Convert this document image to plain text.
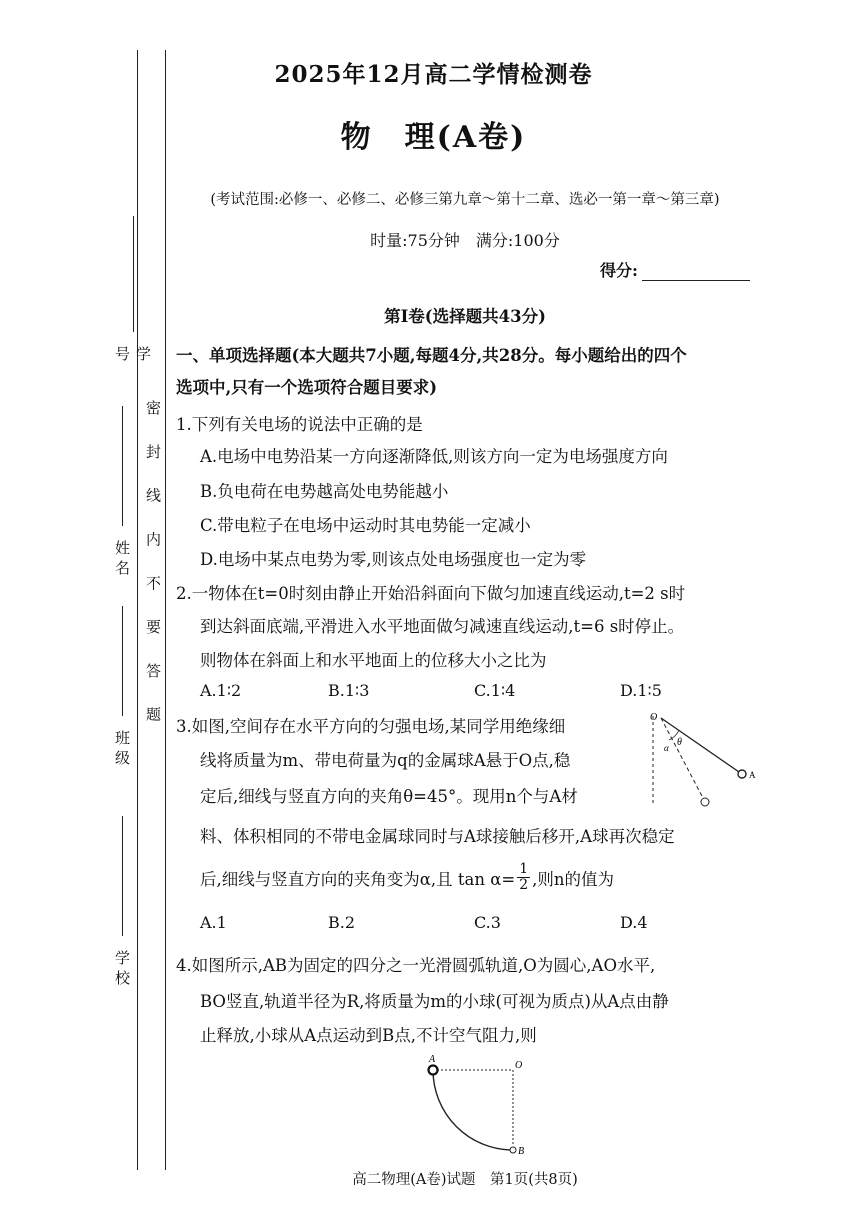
学 号
姓 名
班 级
学 校
密 封 线 内 不 要 答 题
2025年12月高二学情检测卷
物　理(A卷)
(考试范围:必修一、必修二、必修三第九章～第十二章、选必一第一章～第三章)
时量:75分钟　满分:100分
得分:
第Ⅰ卷(选择题共43分)
一、单项选择题(本大题共7小题,每题4分,共28分。每小题给出的四个
选项中,只有一个选项符合题目要求)
1.下列有关电场的说法中正确的是
A.电场中电势沿某一方向逐渐降低,则该方向一定为电场强度方向
B.负电荷在电势越高处电势能越小
C.带电粒子在电场中运动时其电势能一定减小
D.电场中某点电势为零,则该点处电场强度也一定为零
2.一物体在t=0时刻由静止开始沿斜面向下做匀加速直线运动,t=2 s时
到达斜面底端,平滑进入水平地面做匀减速直线运动,t=6 s时停止。
则物体在斜面上和水平地面上的位移大小之比为
A.1∶2	B.1∶3	C.1∶4	D.1∶5
3.如图,空间存在水平方向的匀强电场,某同学用绝缘细
线将质量为m、带电荷量为q的金属球A悬于O点,稳
定后,细线与竖直方向的夹角θ=45°。现用n个与A材
料、体积相同的不带电金属球同时与A球接触后移开,A球再次稳定
后,细线与竖直方向的夹角变为α,且 $\tan \alpha= \frac{1}{2}$ ,则n的值为
A.1	B.2	C.3	D.4
O
θ
α
A
4.如图所示,AB为固定的四分之一光滑圆弧轨道,O为圆心,AO水平,
BO竖直,轨道半径为R,将质量为m的小球(可视为质点)从A点由静
止释放,小球从A点运动到B点,不计空气阻力,则
A
O
B
高二物理(A卷)试题　第1页(共8页)
